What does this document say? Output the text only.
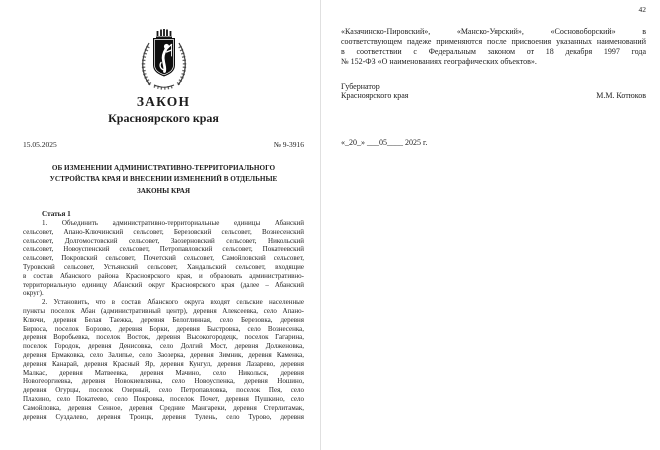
ЗАКОН
Красноярского края
15.05.2025	№ 9-3916
ОБ ИЗМЕНЕНИИ АДМИНИСТРАТИВНО-ТЕРРИТОРИАЛЬНОГО
УСТРОЙСТВА КРАЯ И ВНЕСЕНИИ ИЗМЕНЕНИЙ В ОТДЕЛЬНЫЕ
ЗАКОНЫ КРАЯ
Статья 1
1. Объединить административно-территориальные единицы Абанский
сельсовет, Апано-Ключинский сельсовет, Березовский сельсовет, Вознесенский
сельсовет, Долгомостовский сельсовет, Заозерновский сельсовет, Никольский
сельсовет, Новоуспенский сельсовет, Петропавловский сельсовет, Покатеевский
сельсовет, Покровский сельсовет, Почетский сельсовет, Самойловский сельсовет,
Туровский сельсовет, Устьянский сельсовет, Хандальский сельсовет, входящие
в состав Абанского района Красноярского края, и образовать административно-
территориальную единицу Абанский округ Красноярского края (далее – Абанский
округ).
2. Установить, что в состав Абанского округа входят сельские населенные
пункты поселок Абан (административный центр), деревня Алексеевка, село Апано-
Ключи, деревня Белая Таежка, деревня Белоглинная, село Березовка, деревня
Бирюса, поселок Борзово, деревня Борки, деревня Быстровка, село Вознесенка,
деревня Воробьевка, поселок Восток, деревня Высокогородецк, поселок Гагарина,
поселок Городок, деревня Денисовка, село Долгий Мост, деревня Долженовка,
деревня Ермаковка, село Залипье, село Заозерка, деревня Зимник, деревня Каменка,
деревня Канарай, деревня Красный Яр, деревня Кунгул, деревня Лазарево, деревня
Малкас, деревня Матвеевка, деревня Мачино, село Никольск, деревня
Новогеоргиевка, деревня Новокиевлянка, село Новоуспенка, деревня Ношино,
деревня Огурцы, поселок Озерный, село Петропавловка, поселок Пея, село
Плахино, село Покатеево, село Покровка, поселок Почет, деревня Пушкино, село
Самойловка, деревня Сенное, деревня Средние Мангареки, деревня Стерлитамак,
деревня Суздалево, деревня Троицк, деревня Тулень, село Турово, деревня
42
«Казачинско-Пировский», «Манско-Уярский», «Сосновоборский» в
соответствующем падеже применяются после присвоения указанных наименований
в соответствии с Федеральным законом от 18 декабря 1997 года
№ 152-ФЗ «О наименованиях географических объектов».
Губернатор
Красноярского края	М.М. Котюков
«_20_» ___05____ 2025 г.
